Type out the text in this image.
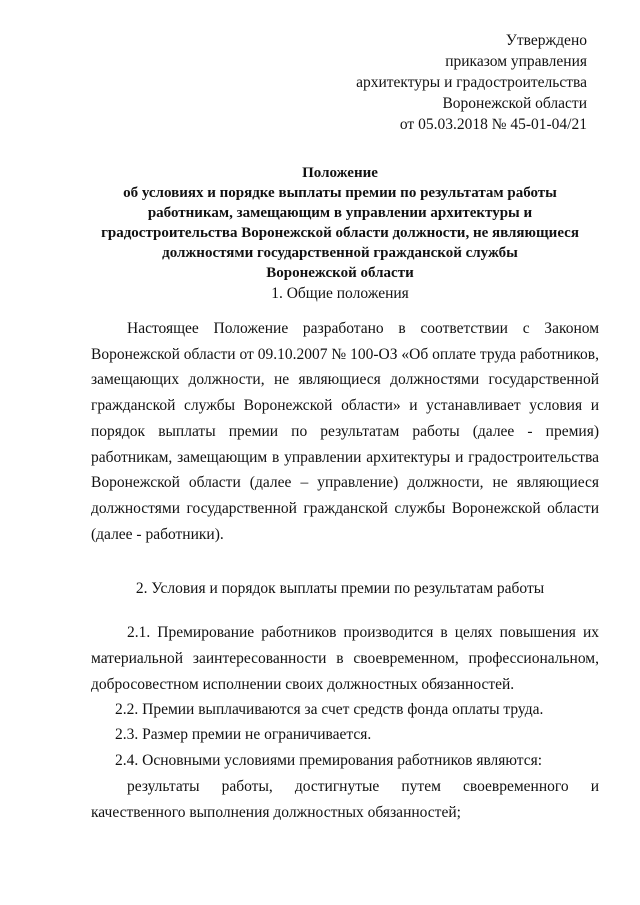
Утверждено
приказом управления
архитектуры и градостроительства
Воронежской области
от 05.03.2018 № 45-01-04/21
Положение
об условиях и порядке выплаты премии по результатам работы
работникам, замещающим в управлении архитектуры и
градостроительства Воронежской области должности, не являющиеся
должностями государственной гражданской службы
Воронежской области
1. Общие положения
Настоящее Положение разработано в соответствии с Законом Воронежской области от 09.10.2007 № 100-ОЗ «Об оплате труда работников, замещающих должности, не являющиеся должностями государственной гражданской службы Воронежской области» и устанавливает условия и порядок выплаты премии по результатам работы (далее - премия) работникам, замещающим в управлении архитектуры и градостроительства Воронежской области (далее – управление) должности, не являющиеся должностями государственной гражданской службы Воронежской области (далее - работники).
2. Условия и порядок выплаты премии по результатам работы
2.1. Премирование работников производится в целях повышения их материальной заинтересованности в своевременном, профессиональном, добросовестном исполнении своих должностных обязанностей.
2.2. Премии выплачиваются за счет средств фонда оплаты труда.
2.3. Размер премии не ограничивается.
2.4. Основными условиями премирования работников являются:
результаты работы, достигнутые путем своевременного и качественного выполнения должностных обязанностей;
